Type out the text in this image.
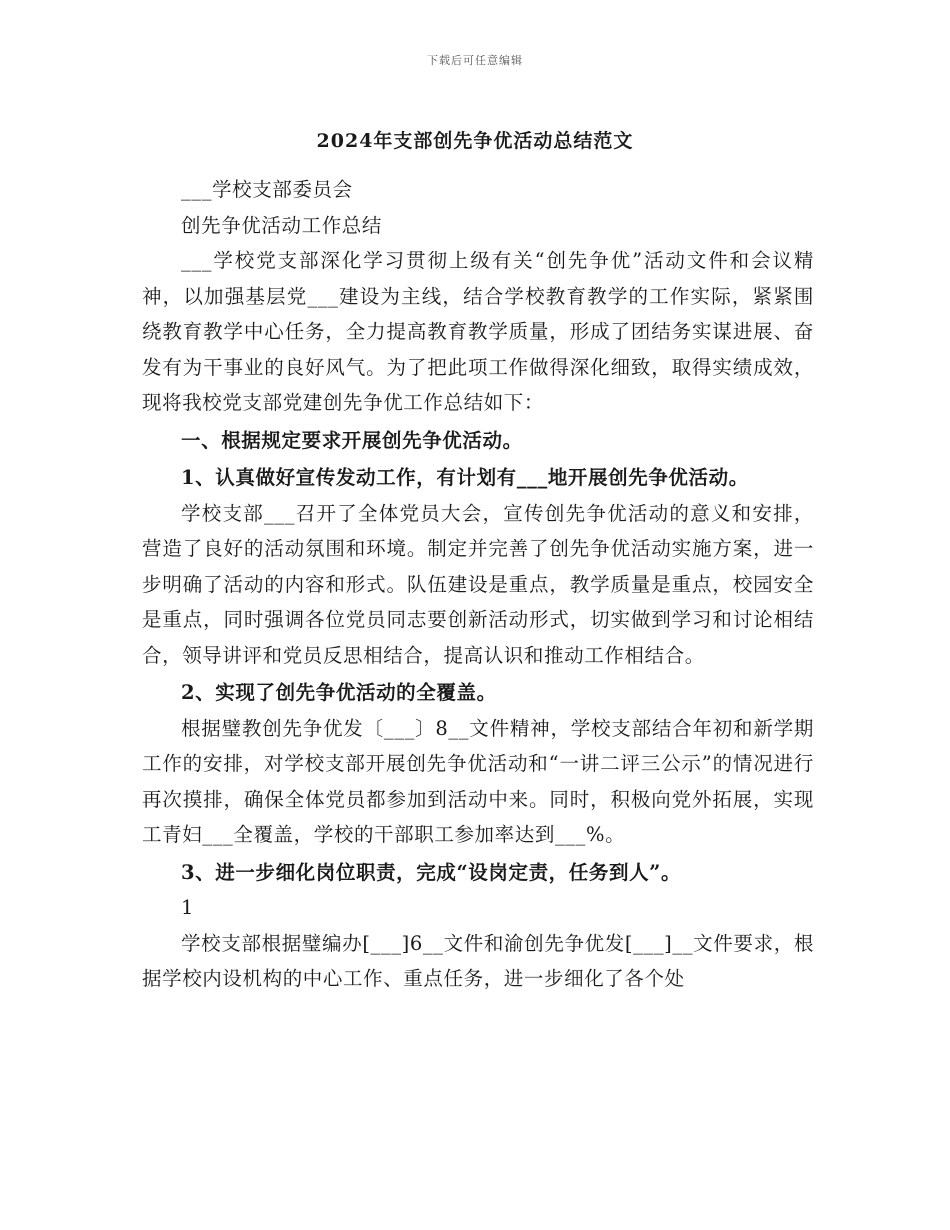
下载后可任意编辑
2024年支部创先争优活动总结范文

___学校支部委员会

创先争优活动工作总结

___学校党支部深化学习贯彻上级有关“创先争优”活动文件和会议精神，以加强基层党___建设为主线，结合学校教育教学的工作实际，紧紧围绕教育教学中心任务，全力提高教育教学质量，形成了团结务实谋进展、奋发有为干事业的良好风气。为了把此项工作做得深化细致，取得实绩成效，现将我校党支部党建创先争优工作总结如下：

一、根据规定要求开展创先争优活动。

1、认真做好宣传发动工作，有计划有___地开展创先争优活动。

学校支部___召开了全体党员大会，宣传创先争优活动的意义和安排，营造了良好的活动氛围和环境。制定并完善了创先争优活动实施方案，进一步明确了活动的内容和形式。队伍建设是重点，教学质量是重点，校园安全是重点，同时强调各位党员同志要创新活动形式，切实做到学习和讨论相结合，领导讲评和党员反思相结合，提高认识和推动工作相结合。

2、实现了创先争优活动的全覆盖。

根据璧教创先争优发〔___〕8__文件精神，学校支部结合年初和新学期工作的安排，对学校支部开展创先争优活动和“一讲二评三公示”的情况进行再次摸排，确保全体党员都参加到活动中来。同时，积极向党外拓展，实现工青妇___全覆盖，学校的干部职工参加率达到___%。

3、进一步细化岗位职责，完成“设岗定责，任务到人”。

1

学校支部根据璧编办[___]6__文件和渝创先争优发[___]__文件要求，根据学校内设机构的中心工作、重点任务，进一步细化了各个处
